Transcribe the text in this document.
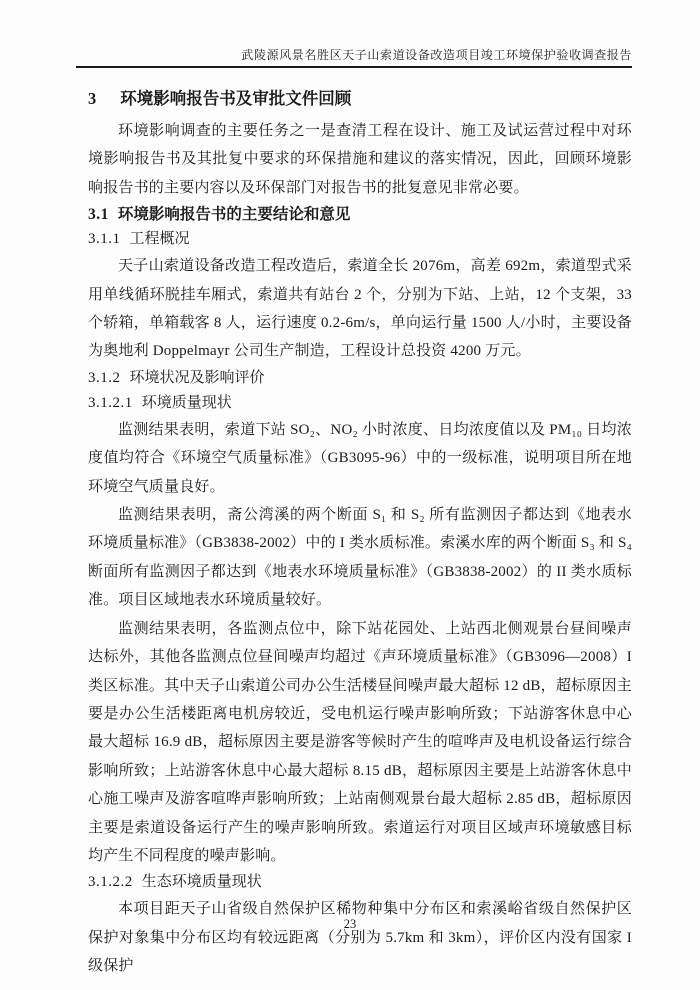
武陵源风景名胜区天子山索道设备改造项目竣工环境保护验收调查报告
3 环境影响报告书及审批文件回顾

环境影响调查的主要任务之一是查清工程在设计、施工及试运营过程中对环境影响报告书及其批复中要求的环保措施和建议的落实情况，因此，回顾环境影响报告书的主要内容以及环保部门对报告书的批复意见非常必要。

3.1 环境影响报告书的主要结论和意见
3.1.1 工程概况

天子山索道设备改造工程改造后，索道全长 2076m，高差 692m，索道型式采用单线循环脱挂车厢式，索道共有站台 2 个，分别为下站、上站，12 个支架，33 个轿箱，单箱载客 8 人，运行速度 0.2-6m/s，单向运行量 1500 人/小时，主要设备为奥地利 Doppelmayr 公司生产制造，工程设计总投资 4200 万元。

3.1.2 环境状况及影响评价
3.1.2.1 环境质量现状

监测结果表明，索道下站 SO₂、NO₂ 小时浓度、日均浓度值以及 PM₁₀ 日均浓度值均符合《环境空气质量标准》（GB3095-96）中的一级标准，说明项目所在地环境空气质量良好。

监测结果表明，斋公湾溪的两个断面 S₁ 和 S₂ 所有监测因子都达到《地表水环境质量标准》（GB3838-2002）中的 I 类水质标准。索溪水库的两个断面 S₃ 和 S₄ 断面所有监测因子都达到《地表水环境质量标准》（GB3838-2002）的 II 类水质标准。项目区域地表水环境质量较好。

监测结果表明，各监测点位中，除下站花园处、上站西北侧观景台昼间噪声达标外，其他各监测点位昼间噪声均超过《声环境质量标准》（GB3096—2008）I 类区标准。其中天子山索道公司办公生活楼昼间噪声最大超标 12 dB，超标原因主要是办公生活楼距离电机房较近，受电机运行噪声影响所致；下站游客休息中心最大超标 16.9 dB，超标原因主要是游客等候时产生的喧哗声及电机设备运行综合影响所致；上站游客休息中心最大超标 8.15 dB，超标原因主要是上站游客休息中心施工噪声及游客喧哗声影响所致；上站南侧观景台最大超标 2.85 dB，超标原因主要是索道设备运行产生的噪声影响所致。索道运行对项目区域声环境敏感目标均产生不同程度的噪声影响。

3.1.2.2 生态环境质量现状

本项目距天子山省级自然保护区稀物种集中分布区和索溪峪省级自然保护区保护对象集中分布区均有较远距离（分别为 5.7km 和 3km），评价区内没有国家 I 级保护

23
